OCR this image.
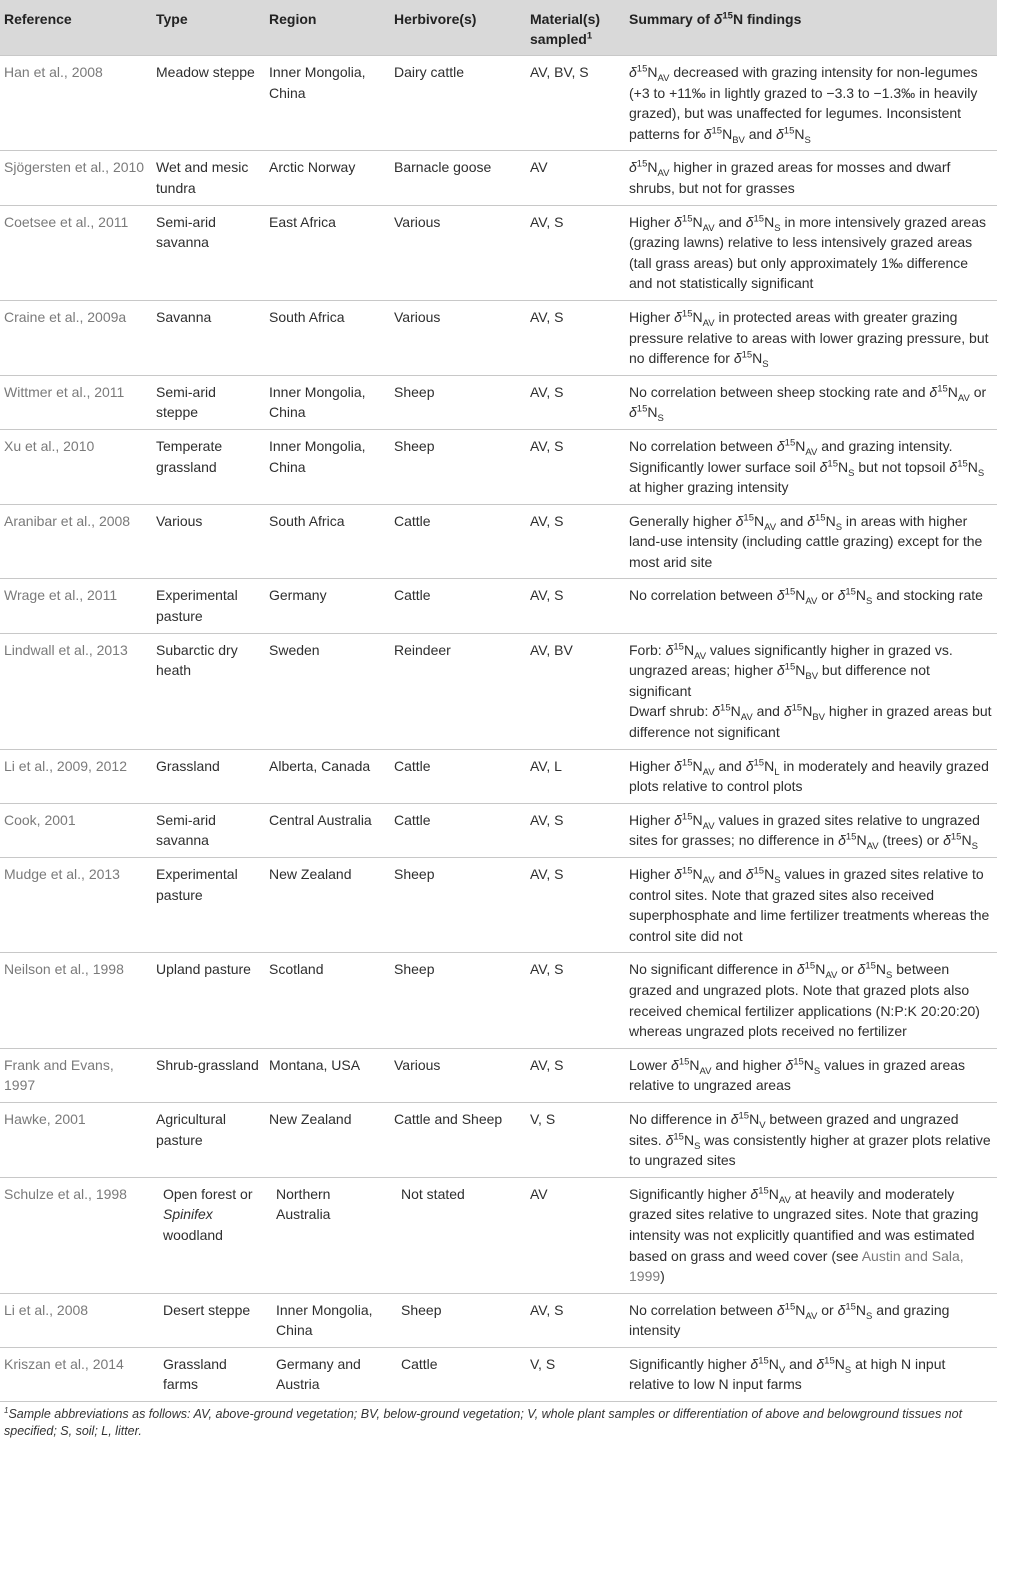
Reference	Type	Region	Herbivore(s)	Material(s) sampled$^1$	Summary of $\delta^{15}N$ findings
Han et al., 2008	Meadow steppe	Inner Mongolia, China	Dairy cattle	AV, BV, S	$\delta^{15}N_{AV}$ decreased with grazing intensity for non-legumes (+3 to +11‰ in lightly grazed to −3.3 to −1.3‰ in heavily grazed), but was unaffected for legumes. Inconsistent patterns for $\delta^{15}N_{BV}$ and $\delta^{15}N_S$
Sjögersten et al., 2010	Wet and mesic tundra	Arctic Norway	Barnacle goose	AV	$\delta^{15}N_{AV}$ higher in grazed areas for mosses and dwarf shrubs, but not for grasses
Coetsee et al., 2011	Semi-arid savanna	East Africa	Various	AV, S	Higher $\delta^{15}N_{AV}$ and $\delta^{15}N_S$ in more intensively grazed areas (grazing lawns) relative to less intensively grazed areas (tall grass areas) but only approximately 1‰ difference and not statistically significant
Craine et al., 2009a	Savanna	South Africa	Various	AV, S	Higher $\delta^{15}N_{AV}$ in protected areas with greater grazing pressure relative to areas with lower grazing pressure, but no difference for $\delta^{15}N_S$
Wittmer et al., 2011	Semi-arid steppe	Inner Mongolia, China	Sheep	AV, S	No correlation between sheep stocking rate and $\delta^{15}N_{AV}$ or $\delta^{15}N_S$
Xu et al., 2010	Temperate grassland	Inner Mongolia, China	Sheep	AV, S	No correlation between $\delta^{15}N_{AV}$ and grazing intensity. Significantly lower surface soil $\delta^{15}N_S$ but not topsoil $\delta^{15}N_S$ at higher grazing intensity
Aranibar et al., 2008	Various	South Africa	Cattle	AV, S	Generally higher $\delta^{15}N_{AV}$ and $\delta^{15}N_S$ in areas with higher land-use intensity (including cattle grazing) except for the most arid site
Wrage et al., 2011	Experimental pasture	Germany	Cattle	AV, S	No correlation between $\delta^{15}N_{AV}$ or $\delta^{15}N_S$ and stocking rate
Lindwall et al., 2013	Subarctic dry heath	Sweden	Reindeer	AV, BV	Forb: $\delta^{15}N_{AV}$ values significantly higher in grazed vs. ungrazed areas; higher $\delta^{15}N_{BV}$ but difference not significant
Dwarf shrub: $\delta^{15}N_{AV}$ and $\delta^{15}N_{BV}$ higher in grazed areas but difference not significant
Li et al., 2009, 2012	Grassland	Alberta, Canada	Cattle	AV, L	Higher $\delta^{15}N_{AV}$ and $\delta^{15}N_L$ in moderately and heavily grazed plots relative to control plots
Cook, 2001	Semi-arid savanna	Central Australia	Cattle	AV, S	Higher $\delta^{15}N_{AV}$ values in grazed sites relative to ungrazed sites for grasses; no difference in $\delta^{15}N_{AV}$ (trees) or $\delta^{15}N_S$
Mudge et al., 2013	Experimental pasture	New Zealand	Sheep	AV, S	Higher $\delta^{15}N_{AV}$ and $\delta^{15}N_S$ values in grazed sites relative to control sites. Note that grazed sites also received superphosphate and lime fertilizer treatments whereas the control site did not
Neilson et al., 1998	Upland pasture	Scotland	Sheep	AV, S	No significant difference in $\delta^{15}N_{AV}$ or $\delta^{15}N_S$ between grazed and ungrazed plots. Note that grazed plots also received chemical fertilizer applications (N:P:K 20:20:20) whereas ungrazed plots received no fertilizer
Frank and Evans, 1997	Shrub-grassland	Montana, USA	Various	AV, S	Lower $\delta^{15}N_{AV}$ and higher $\delta^{15}N_S$ values in grazed areas relative to ungrazed areas
Hawke, 2001	Agricultural pasture	New Zealand	Cattle and Sheep	V, S	No difference in $\delta^{15}N_V$ between grazed and ungrazed sites. $\delta^{15}N_S$ was consistently higher at grazer plots relative to ungrazed sites
Schulze et al., 1998	Open forest or Spinifex woodland	Northern Australia	Not stated	AV	Significantly higher $\delta^{15}N_{AV}$ at heavily and moderately grazed sites relative to ungrazed sites. Note that grazing intensity was not explicitly quantified and was estimated based on grass and weed cover (see Austin and Sala, 1999)
Li et al., 2008	Desert steppe	Inner Mongolia, China	Sheep	AV, S	No correlation between $\delta^{15}N_{AV}$ or $\delta^{15}N_S$ and grazing intensity
Kriszan et al., 2014	Grassland farms	Germany and Austria	Cattle	V, S	Significantly higher $\delta^{15}N_V$ and $\delta^{15}N_S$ at high N input relative to low N input farms
$^1$Sample abbreviations as follows: AV, above-ground vegetation; BV, below-ground vegetation; V, whole plant samples or differentiation of above and belowground tissues not specified; S, soil; L, litter.
